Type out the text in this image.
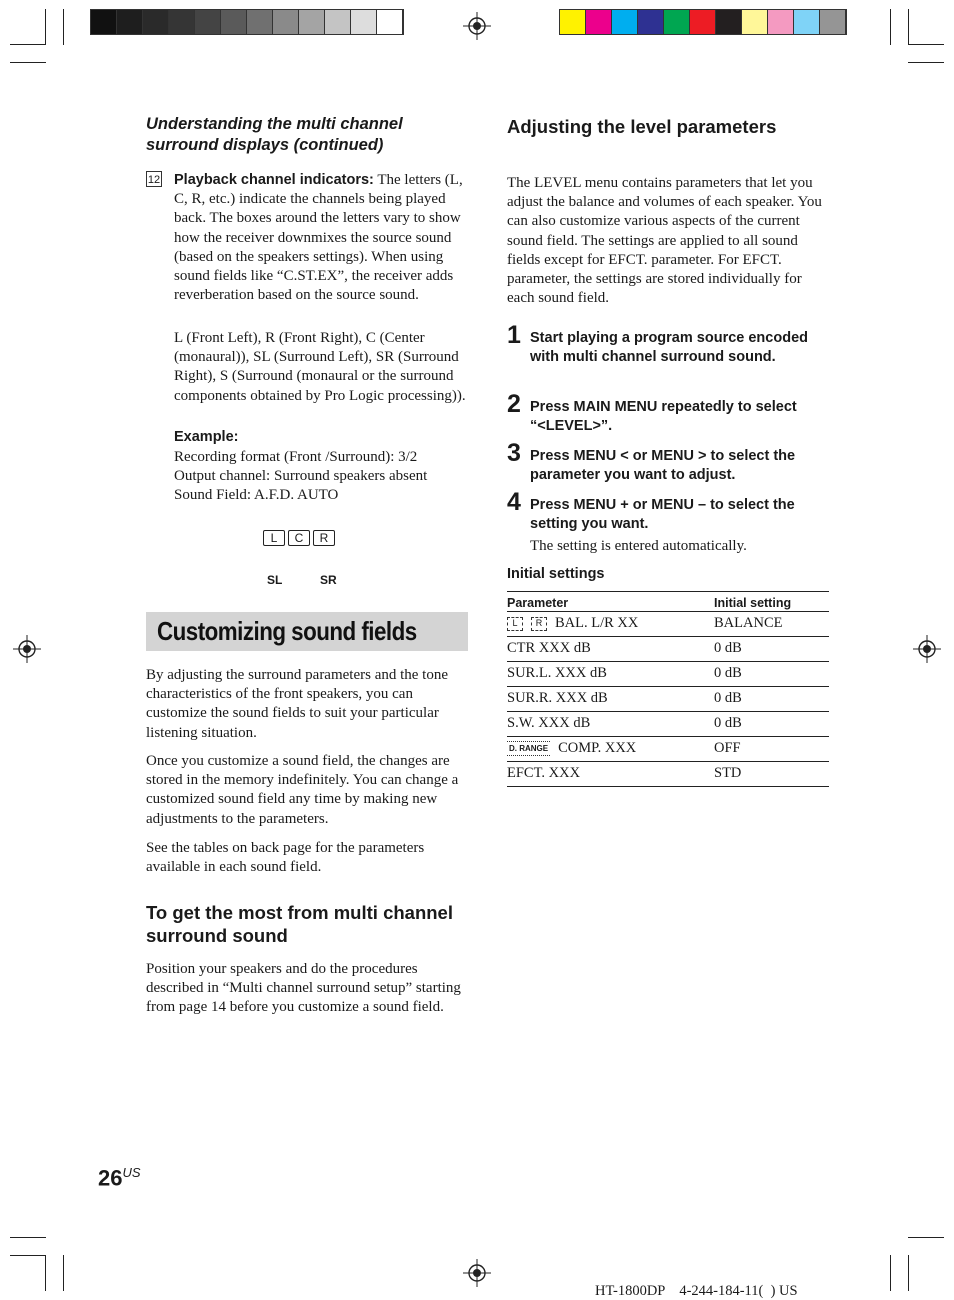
Understanding the multi channel surround displays (continued)
12 Playback channel indicators: The letters (L, C, R, etc.) indicate the channels being played back. The boxes around the letters vary to show how the receiver downmixes the source sound (based on the speakers settings). When using sound fields like “C.ST.EX”, the receiver adds reverberation based on the source sound.
L (Front Left), R (Front Right), C (Center (monaural)), SL (Surround Left), SR (Surround Right), S (Surround (monaural or the surround components obtained by Pro Logic processing)).
Example:
Recording format (Front /Surround): 3/2
Output channel: Surround speakers absent
Sound Field: A.F.D. AUTO
L	C	R
SL	SR
Customizing sound fields
By adjusting the surround parameters and the tone characteristics of the front speakers, you can customize the sound fields to suit your particular listening situation.
Once you customize a sound field, the changes are stored in the memory indefinitely. You can change a customized sound field any time by making new adjustments to the parameters.
See the tables on back page for the parameters available in each sound field.
To get the most from multi channel surround sound
Position your speakers and do the procedures described in “Multi channel surround setup” starting from page 14 before you customize a sound field.
Adjusting the level parameters
The LEVEL menu contains parameters that let you adjust the balance and volumes of each speaker. You can also customize various aspects of the current sound field. The settings are applied to all sound fields except for EFCT. parameter. For EFCT. parameter, the settings are stored individually for each sound field.
1 Start playing a program source encoded with multi channel surround sound.
2 Press MAIN MENU repeatedly to select “<LEVEL>”.
3 Press MENU < or MENU > to select the parameter you want to adjust.
4 Press MENU + or MENU – to select the setting you want.
The setting is entered automatically.
Initial settings
Parameter	Initial setting
L R BAL. L/R XX	BALANCE
CTR XXX dB	0 dB
SUR.L. XXX dB	0 dB
SUR.R. XXX dB	0 dB
S.W. XXX dB	0 dB
D. RANGE COMP. XXX	OFF
EFCT. XXX	STD
$26^{US}$
HT-1800DP    4-244-184-11(  ) US
